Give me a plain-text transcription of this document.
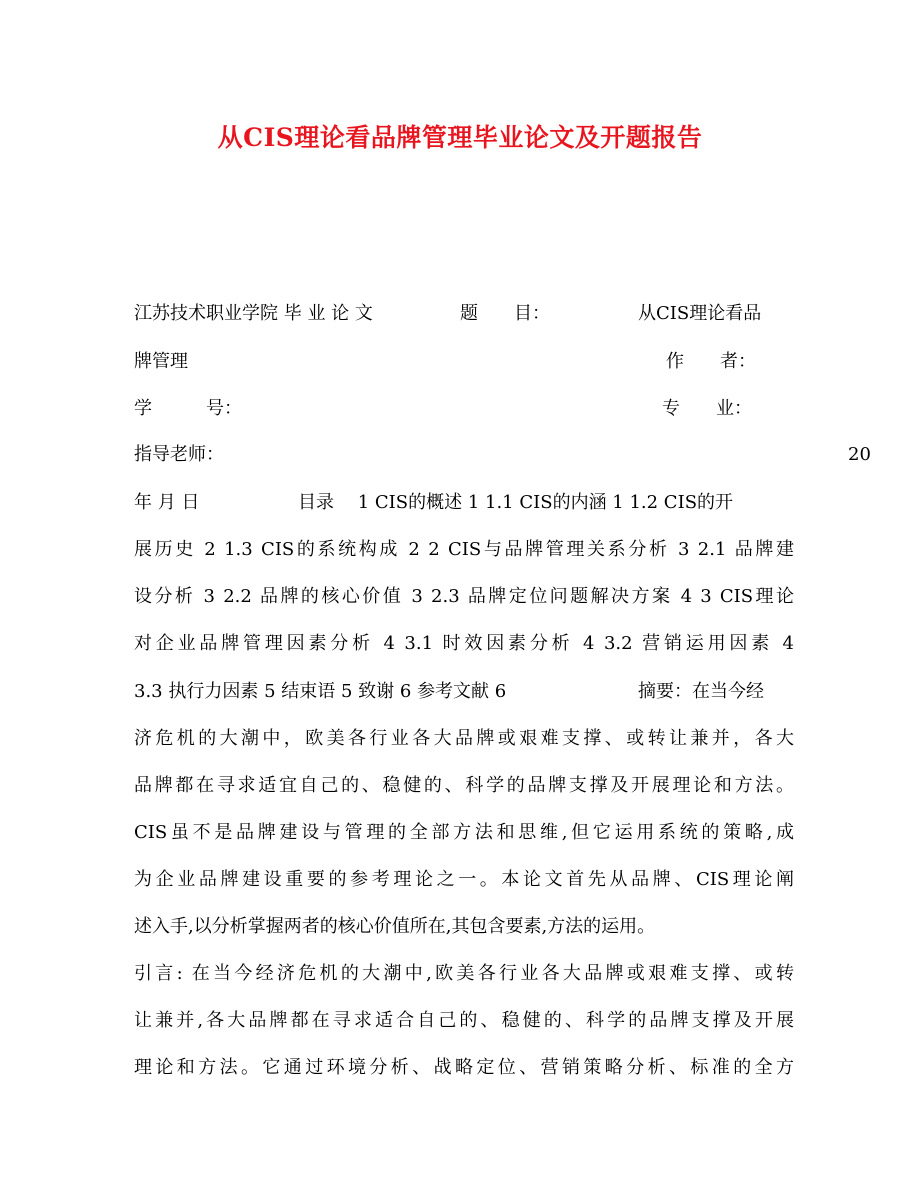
从CIS理论看品牌管理毕业论文及开题报告
江苏技术职业学院 毕 业 论 文	题　　目：	从CIS理论看品
牌管理	作　　者：
学　　　号：	专　　业：
指导老师：	20
年 月 日	目录　 1 CIS的概述 1 1.1 CIS的内涵 1 1.2 CIS的开
展历史 2 1.3 CIS的系统构成 2 2 CIS与品牌管理关系分析 3 2.1 品牌建
设分析 3 2.2 品牌的核心价值 3 2.3 品牌定位问题解决方案 4 3 CIS理论
对企业品牌管理因素分析 4 3.1 时效因素分析 4 3.2 营销运用因素 4
3.3 执行力因素 5 结束语 5 致谢 6 参考文献 6	摘要：在当今经
济危机的大潮中，欧美各行业各大品牌或艰难支撑、或转让兼并，各大
品牌都在寻求适宜自己的、稳健的、科学的品牌支撑及开展理论和方法。
CIS虽不是品牌建设与管理的全部方法和思维,但它运用系统的策略,成
为企业品牌建设重要的参考理论之一。本论文首先从品牌、CIS理论阐
述入手,以分析掌握两者的核心价值所在,其包含要素,方法的运用。
引言: 在当今经济危机的大潮中,欧美各行业各大品牌或艰难支撑、或转
让兼并,各大品牌都在寻求适合自己的、稳健的、科学的品牌支撑及开展
理论和方法。它通过环境分析、战略定位、营销策略分析、标准的全方
